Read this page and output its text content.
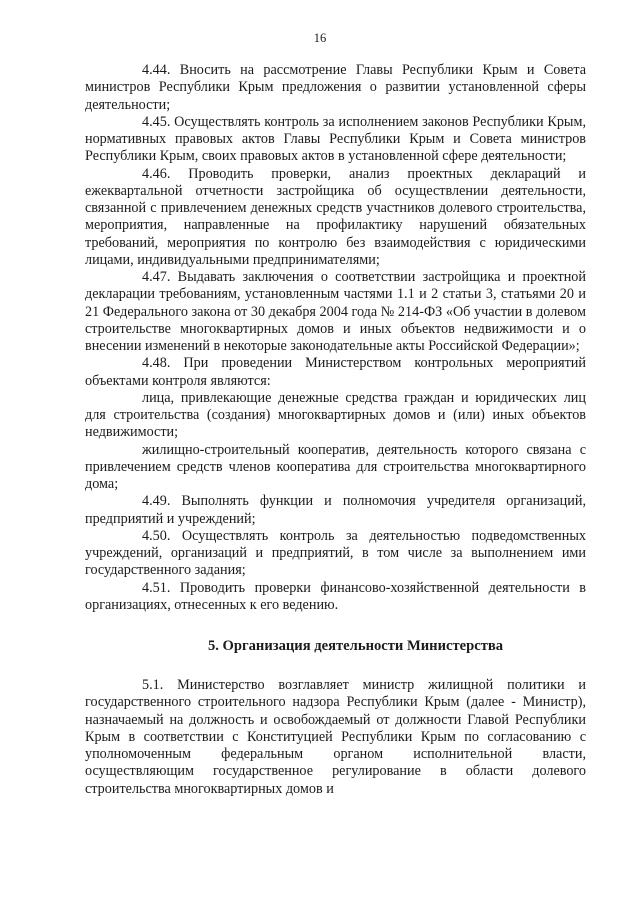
16

4.44. Вносить на рассмотрение Главы Республики Крым и Совета министров Республики Крым предложения о развитии установленной сферы деятельности;

4.45. Осуществлять контроль за исполнением законов Республики Крым, нормативных правовых актов Главы Республики Крым и Совета министров Республики Крым, своих правовых актов в установленной сфере деятельности;

4.46. Проводить проверки, анализ проектных деклараций и ежеквартальной отчетности застройщика об осуществлении деятельности, связанной с привлечением денежных средств участников долевого строительства, мероприятия, направленные на профилактику нарушений обязательных требований, мероприятия по контролю без взаимодействия с юридическими лицами, индивидуальными предпринимателями;

4.47. Выдавать заключения о соответствии застройщика и проектной декларации требованиям, установленным частями 1.1 и 2 статьи 3, статьями 20 и 21 Федерального закона от 30 декабря 2004 года № 214-ФЗ «Об участии в долевом строительстве многоквартирных домов и иных объектов недвижимости и о внесении изменений в некоторые законодательные акты Российской Федерации»;

4.48. При проведении Министерством контрольных мероприятий объектами контроля являются:

лица, привлекающие денежные средства граждан и юридических лиц для строительства (создания) многоквартирных домов и (или) иных объектов недвижимости;

жилищно-строительный кооператив, деятельность которого связана с привлечением средств членов кооператива для строительства многоквартирного дома;

4.49. Выполнять функции и полномочия учредителя организаций, предприятий и учреждений;

4.50. Осуществлять контроль за деятельностью подведомственных учреждений, организаций и предприятий, в том числе за выполнением ими государственного задания;

4.51. Проводить проверки финансово-хозяйственной деятельности в организациях, отнесенных к его ведению.

5. Организация деятельности Министерства

5.1. Министерство возглавляет министр жилищной политики и государственного строительного надзора Республики Крым (далее - Министр), назначаемый на должность и освобождаемый от должности Главой Республики Крым в соответствии с Конституцией Республики Крым по согласованию с уполномоченным федеральным органом исполнительной власти, осуществляющим государственное регулирование в области долевого строительства многоквартирных домов и
